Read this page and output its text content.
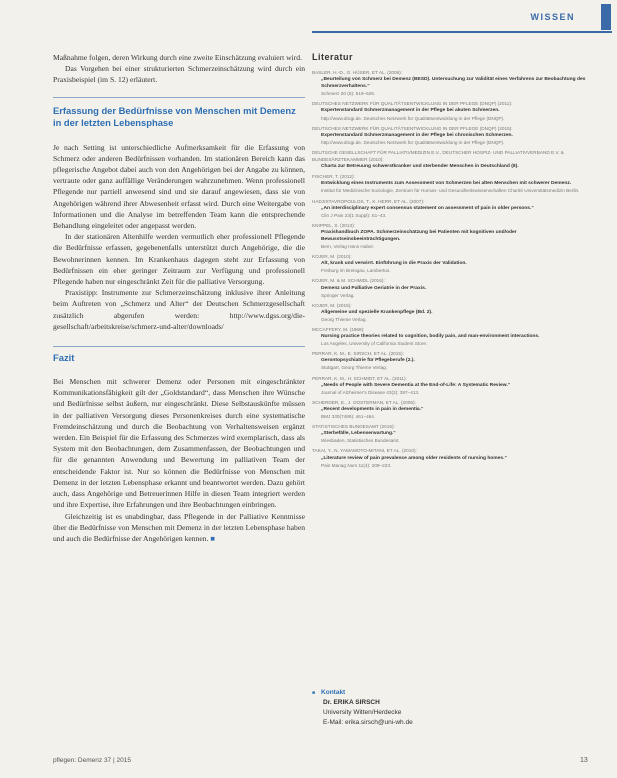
WISSEN

Maßnahme folgen, deren Wirkung durch eine zweite Einschätzung evaluiert wird.

Das Vorgehen bei einer strukturierten Schmerzeinschätzung wird durch ein Praxisbeispiel (im S. 12) erläutert.

Erfassung der Bedürfnisse von Menschen mit Demenz in der letzten Lebensphase

Je nach Setting ist unterschiedliche Aufmerksamkeit für die Erfassung von Schmerz oder anderen Bedürfnissen vorhanden. Im stationären Bereich kann das pflegerische Angebot dabei auch von den Angehörigen bei der Angabe zu können, vertraute oder ganz auffällige Veränderungen wahrzunehmen. Wenn professionell Pflegende nur partiell anwesend sind und sie darauf angewiesen, dass sie von Angehörigen während ihrer Abwesenheit erfasst wird. Durch eine Weitergabe von Informationen und die Analyse im betreffenden Team kann die entsprechende Behandlung eingeleitet oder angepasst werden.

In der stationären Altenhilfe werden vermutlich eher professionell Pflegende die Bedürfnisse erfassen, gegebenenfalls unterstützt durch Angehörige, die die Bewohnerinnen kennen. Im Krankenhaus dagegen steht zur Erfassung von Bedürfnissen ein eher geringer Zeitraum zur Verfügung und professionell Pflegende haben nur eingeschränkt Zeit für die palliative Versorgung.

Praxistipp: Instrumente zur Schmerzeinschätzung inklusive ihrer Anleitung beim Auftreten von „Schmerz und Alter“ der Deutschen Schmerzgesellschaft zusätzlich abgerufen werden: http://www.dgss.org/die-gesellschaft/arbeitskreise/schmerz-und-alter/downloads/

Fazit

Bei Menschen mit schwerer Demenz oder Personen mit eingeschränkter Kommunikationsfähigkeit gilt der „Goldstandard“, dass Menschen ihre Wünsche und Bedürfnisse selbst äußern, nur eingeschränkt. Diese Selbstauskünfte müssen in der palliativen Versorgung dieses Personenkreises durch eine systematische Fremdeinschätzung und durch die Beobachtung von Verhaltensweisen ergänzt werden. Ein Beispiel für die Erfassung des Schmerzes wird exemplarisch, dass als System mit den Beobachtungen, dem Zusammenfassen, der Beobachtungen und für die genannten Anwendung und Bewertung im palliativen Team der entscheidende Faktor ist. Nur so können die Bedürfnisse von Menschen mit Demenz in der letzten Lebensphase erkannt und beantwortet werden. Dazu gehört auch, dass Angehörige und Betreuerinnen Hilfe in diesen Team integriert werden und ihre Expertise, ihre Erfahrungen und ihre Beobachtungen einbringen.

Gleichzeitig ist es unabdingbar, dass Pflegende in der Palliative Kenntnisse über die Bedürfnisse von Menschen mit Demenz in der letzten Lebensphase haben und auch die Bedürfnisse der Angehörigen kennen. ■

Literatur
BASLER, H.-D., G. HÜSER, ET AL. (2006):
„Beurteilung von Schmerz bei Demenz (BESD). Untersuchung zur Validität eines Verfahrens zur Beobachtung des Schmerzverhaltens.“
Schmerz 20 (6): 519–526.
DEUTSCHES NETZWERK FÜR QUALITÄTSENTWICKLUNG IN DER PFLEGE (DNQP) (2011):
Expertenstandard Schmerzmanagement in der Pflege bei akuten Schmerzen.
http://www.dnqp.de. Deutsches Netzwerk für Qualitätsentwicklung in der Pflege (DNQP).
DEUTSCHES NETZWERK FÜR QUALITÄTSENTWICKLUNG IN DER PFLEGE (DNQP) (2015):
Expertenstandard Schmerzmanagement in der Pflege bei chronischen Schmerzen.
http://www.dnqp.de. Deutsches Netzwerk für Qualitätsentwicklung in der Pflege (DNQP).
DEUTSCHE GESELLSCHAFT FÜR PALLIATIVMEDIZIN E.V., DEUTSCHER HOSPIZ- UND PALLIATIVVERBAND E.V. & BUNDESÄRZTEKAMMER (2010):
Charta zur Betreuung schwerstkranker und sterbender Menschen in Deutschland (8).
FISCHER, T. (2012):
Entwicklung eines Instruments zum Assessment von Schmerzen bei alten Menschen mit schwerer Demenz.
Institut für Medizinische Soziologie, Zentrum für Human- und Gesundheitswissenschaften Charité Universitätsmedizin Berlin.
HADJISTAVROPOULOS, T., K. HERR, ET AL. (2007):
„An interdisciplinary expert consensus statement on assessment of pain in older persons.“
Clin J Pain 23(1 Suppl): S1–43.
KNIPPEL, S. (2013):
Praxishandbuch ZOPA. Schmerzeinschätzung bei Patienten mit kognitiven und/oder Bewusstseinsbeeinträchtigungen.
Bern, Verlag Hans Huber.
KOJER, M. (2010):
Alt, krank und verwirrt. Einführung in die Praxis der Validation.
Freiburg im Breisgau, Lambertus.
KOJER, M. & M. SCHMIDL (2016):
Demenz und Palliative Geriatrie in der Praxis.
Springer Verlag.
KOJER, M. (2015):
Allgemeine und spezielle Krankenpflege (Bd. 2).
Georg Thieme Verlag.
MCCAFFERY, M. (1968):
Nursing practice theories related to cognition, bodily pain, and man-environment interactions.
Los Angeles, University of California Student Store.
PERRAR, K. M., E. SIRSCH, ET AL. (2015):
Gerontopsychiatrie für Pflegeberufe (2.).
Stuttgart, Georg Thieme Verlag.
PERRAR, K. M., H. SCHMIDT, ET AL. (2011):
„Needs of People with Severe Dementia at the End-of-Life: A Systematic Review.“
Journal of Alzheimer's Disease 43(2): 397–413.
SCHERDER, E., J. OOSTERMAN, ET AL. (2005):
„Recent developments in pain in dementia.“
BMJ 330(7489): 461–464.
STATISTISCHES BUNDESAMT (2016):
„Sterbefälle, Lebenserwartung.“
Wiesbaden, Statistisches Bundesamt.
TAKAI, Y., N. YAMAMOTO-MITANI, ET AL. (2010):
„Literature review of pain prevalence among older residents of nursing homes.“
Pain Manag Nurs 11(4): 209–223.
■ Kontakt
Dr. ERIKA SIRSCH
University Witten/Herdecke
E-Mail: erika.sirsch@uni-wh.de
pflegen: Demenz 37 | 2015	13
